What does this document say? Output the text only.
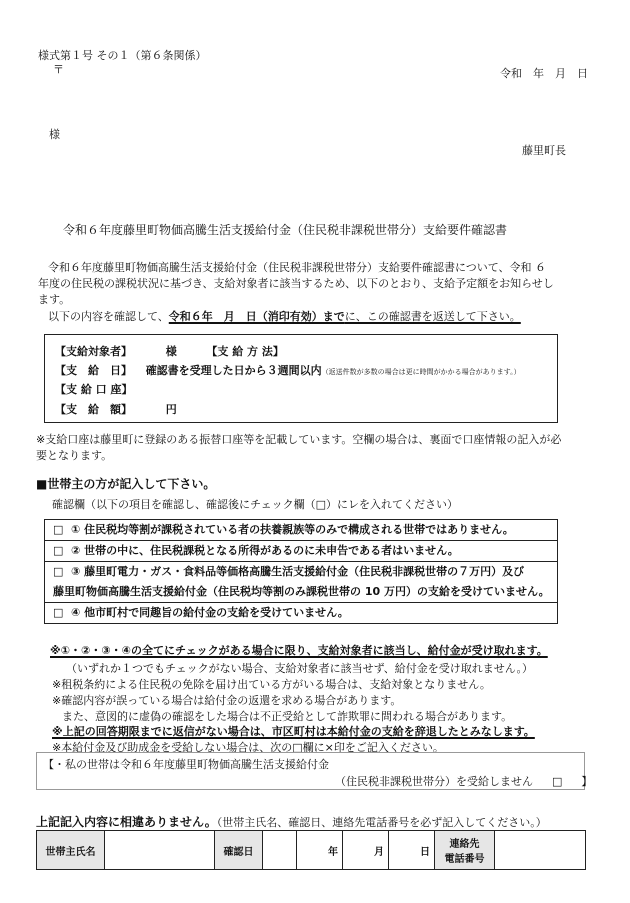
様式第１号 その１（第６条関係）
〒	令和　年　月　日
様
藤里町長
令和６年度藤里町物価高騰生活支援給付金（住民税非課税世帯分）支給要件確認書
令和６年度藤里町物価高騰生活支援給付金（住民税非課税世帯分）支給要件確認書について、令和 ６
年度の住民税の課税状況に基づき、支給対象者に該当するため、以下のとおり、支給予定額をお知らせし
ます。
以下の内容を確認して、令和６年　月　日（消印有効）までに、この確認書を返送して下さい。
【支給対象者】	様	【支 給 方 法】
【支　給　日】 確認書を受理した日から３週間以内（返送件数が多数の場合は更に時間がかかる場合があります。）
【支 給 口 座】
【支　給　額】	円
※支給口座は藤里町に登録のある振替口座等を記載しています。空欄の場合は、裏面で口座情報の記入が必
要となります。
■世帯主の方が記入して下さい。
確認欄（以下の項目を確認し、確認後にチェック欄（□）にレを入れてください）
□ ① 住民税均等割が課税されている者の扶養親族等のみで構成される世帯ではありません。
□ ② 世帯の中に、住民税課税となる所得があるのに未申告である者はいません。
□ ③ 藤里町電力・ガス・食料品等価格高騰生活支援給付金（住民税非課税世帯の７万円）及び
藤里町物価高騰生活支援給付金（住民税均等割のみ課税世帯の 10 万円）の支給を受けていません。
□ ④ 他市町村で同趣旨の給付金の支給を受けていません。
※①・②・③・④の全てにチェックがある場合に限り、支給対象者に該当し、給付金が受け取れます。
（いずれか１つでもチェックがない場合、支給対象者に該当せず、給付金を受け取れません。）
※租税条約による住民税の免除を届け出ている方がいる場合は、支給対象となりません。
※確認内容が誤っている場合は給付金の返還を求める場合があります。
また、意図的に虚偽の確認をした場合は不正受給として詐欺罪に問われる場合があります。
※上記の回答期限までに返信がない場合は、市区町村は本給付金の支給を辞退したとみなします。
※本給付金及び助成金を受給しない場合は、次の□欄に×印をご記入ください。
【・私の世帯は令和６年度藤里町物価高騰生活支援給付金
（住民税非課税世帯分）を受給しません □ 】
上記記入内容に相違ありません。（世帯主氏名、確認日、連絡先電話番号を必ず記入してください。）
世帯主氏名		確認日		年	月	日	
連絡先
電話番号
